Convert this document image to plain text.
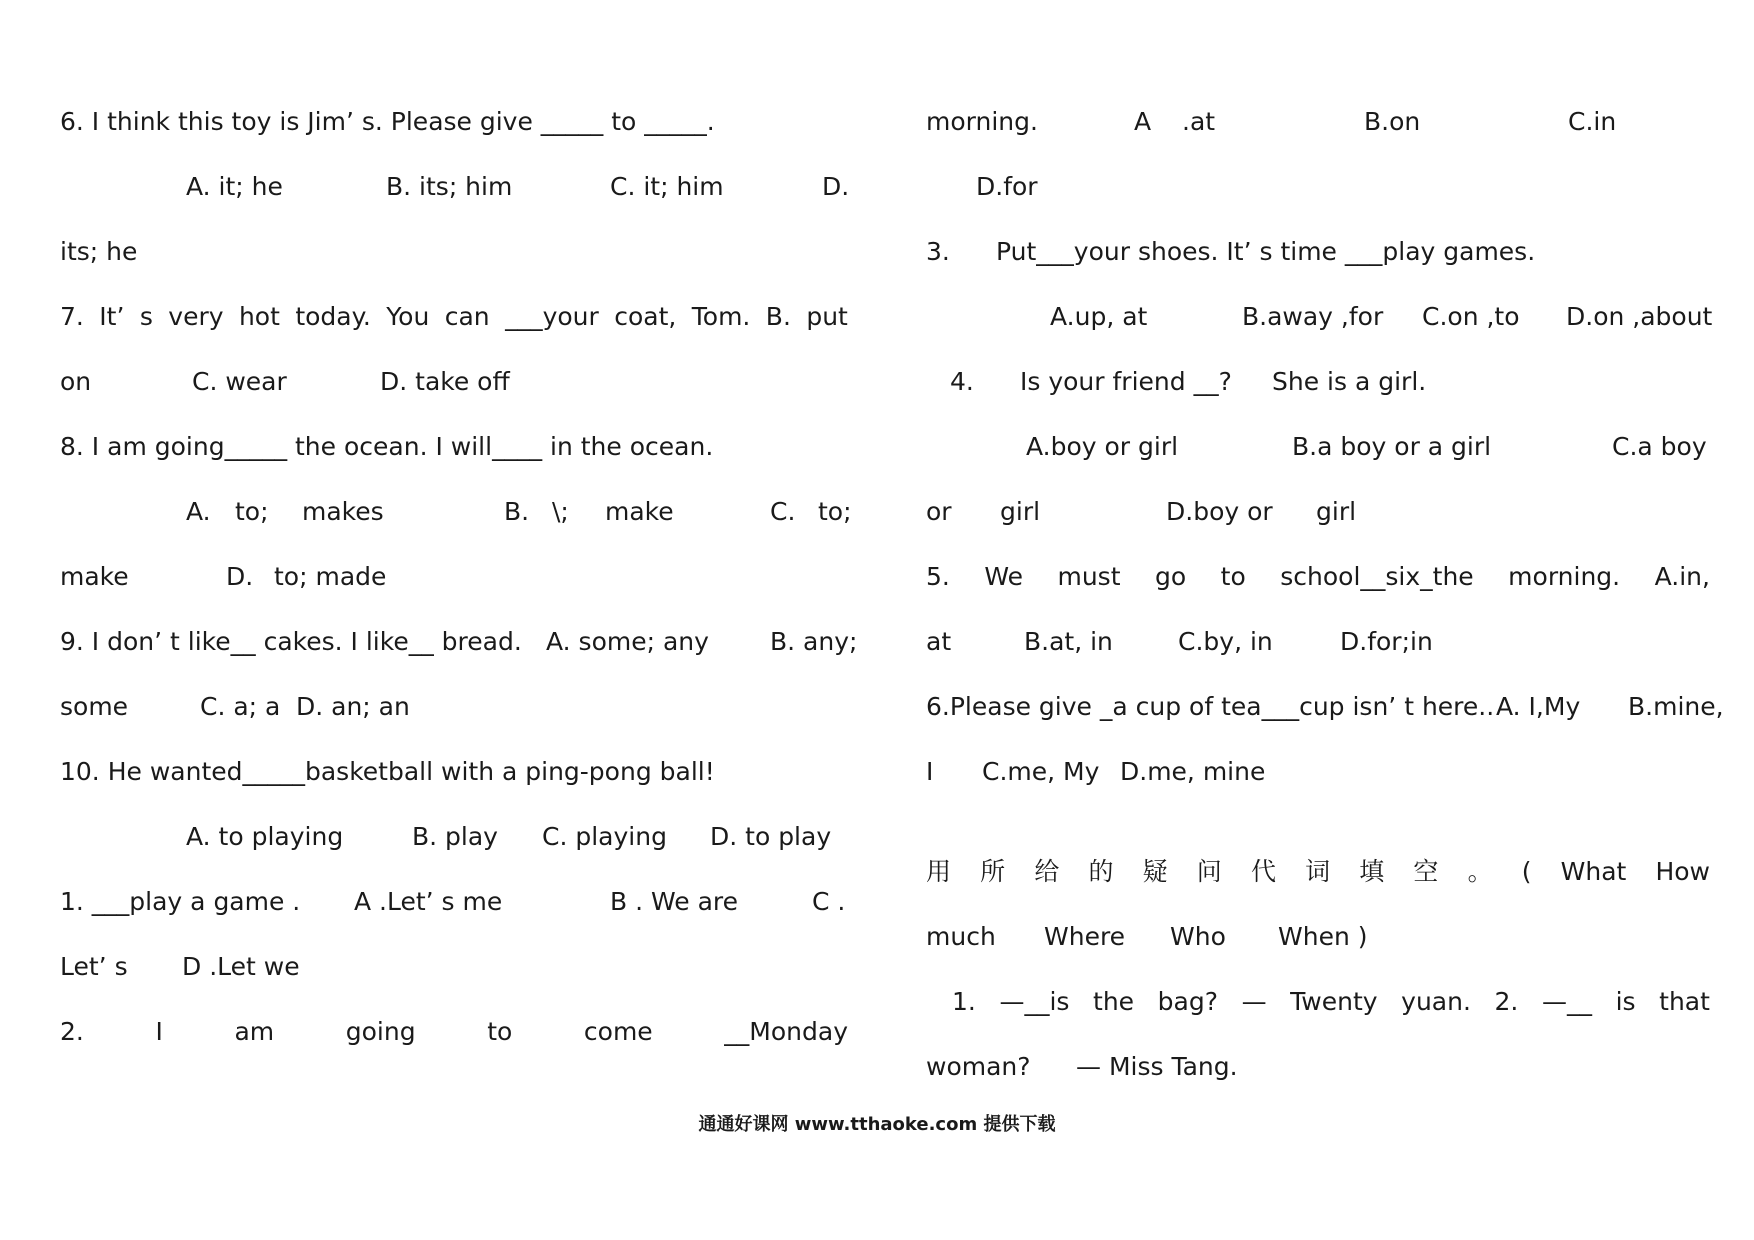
6. I think this toy is Jim’ s. Please give _____ to _____.
A. it; he	B. its; him	C. it; him	D.
its; he
7. It’ s very hot today. You can ___your coat, Tom. B. put
on	C. wear	D. take off
8. I am going_____ the ocean. I will____ in the ocean.
A. to; makes	B. \; make	C. to;
make	D. to; made
9. I don’ t like__ cakes. I like__ bread. A. some; any B. any;
some	C. a; a D. an; an
10. He wanted_____basketball with a ping-pong ball!
A. to playing	B. play C. playing D. to play
1. ___play a game . A .Let’ s me	B . We are	C .
Let’ s D .Let we
2.	I	am	going	to	come	__Monday
morning.	A .at	B.on	C.in
D.for
3. Put___your shoes. It’ s time ___play games.
A.up, at	B.away ,for C.on ,to D.on ,about
4. Is your friend __? She is a girl.
A.boy or girl	B.a boy or a girl	C.a boy
or girl	D.boy or girl
5. We must go to school__six_the morning. A.in,
at	B.at, in	C.by, in	D.for;in
6.Please give _a cup of tea___cup isn’ t here.. A. I,My B.mine,
I C.me, My D.me, mine
用 所 给 的 疑 问 代 词 填 空 。 ( What How
much Where Who When )
1. —__is the bag? — Twenty yuan. 2. —__ is that
woman? — Miss Tang.
通通好课网 www.tthaoke.com 提供下载
